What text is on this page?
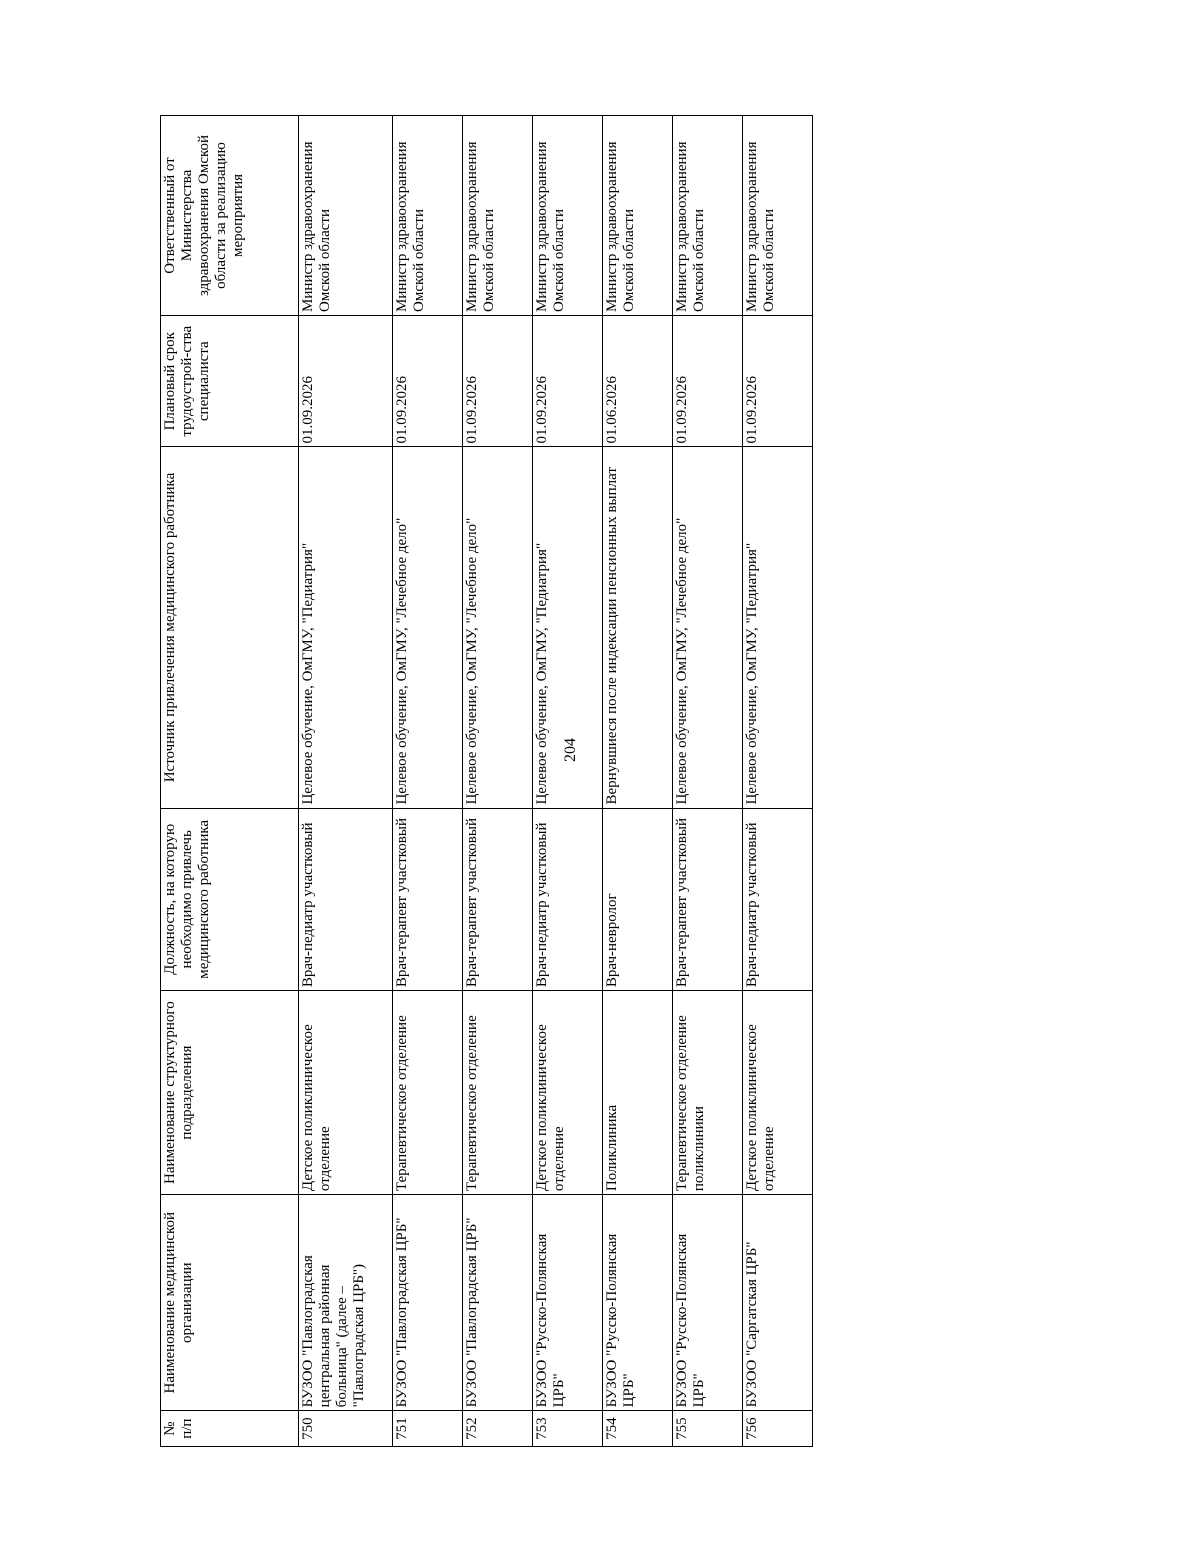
204
№ п/п	Наименование медицинской организации	Наименование структурного подразделения	Должность, на которую необходимо привлечь медицинского работника	Источник привлечения медицинского работника	Плановый срок трудоустрой-ства специалиста	Ответственный от Министерства здравоохранения Омской области за реализацию мероприятия
750	БУЗОО "Павлоградская центральная районная больница" (далее – "Павлоградская ЦРБ")	Детское поликлиническое отделение	Врач-педиатр участковый	Целевое обучение, ОмГМУ, "Педиатрия"	01.09.2026	Министр здравоохранения Омской области
751	БУЗОО "Павлоградская ЦРБ"	Терапевтическое отделение	Врач-терапевт участковый	Целевое обучение, ОмГМУ, "Лечебное дело"	01.09.2026	Министр здравоохранения Омской области
752	БУЗОО "Павлоградская ЦРБ"	Терапевтическое отделение	Врач-терапевт участковый	Целевое обучение, ОмГМУ, "Лечебное дело"	01.09.2026	Министр здравоохранения Омской области
753	БУЗОО "Русско-Полянская ЦРБ"	Детское поликлиническое отделение	Врач-педиатр участковый	Целевое обучение, ОмГМУ, "Педиатрия"	01.09.2026	Министр здравоохранения Омской области
754	БУЗОО "Русско-Полянская ЦРБ"	Поликлиника	Врач-невролог	Вернувшиеся после индексации пенсионных выплат	01.06.2026	Министр здравоохранения Омской области
755	БУЗОО "Русско-Полянская ЦРБ"	Терапевтическое отделение поликлиники	Врач-терапевт участковый	Целевое обучение, ОмГМУ, "Лечебное дело"	01.09.2026	Министр здравоохранения Омской области
756	БУЗОО "Саргатская ЦРБ"	Детское поликлиническое отделение	Врач-педиатр участковый	Целевое обучение, ОмГМУ, "Педиатрия"	01.09.2026	Министр здравоохранения Омской области
